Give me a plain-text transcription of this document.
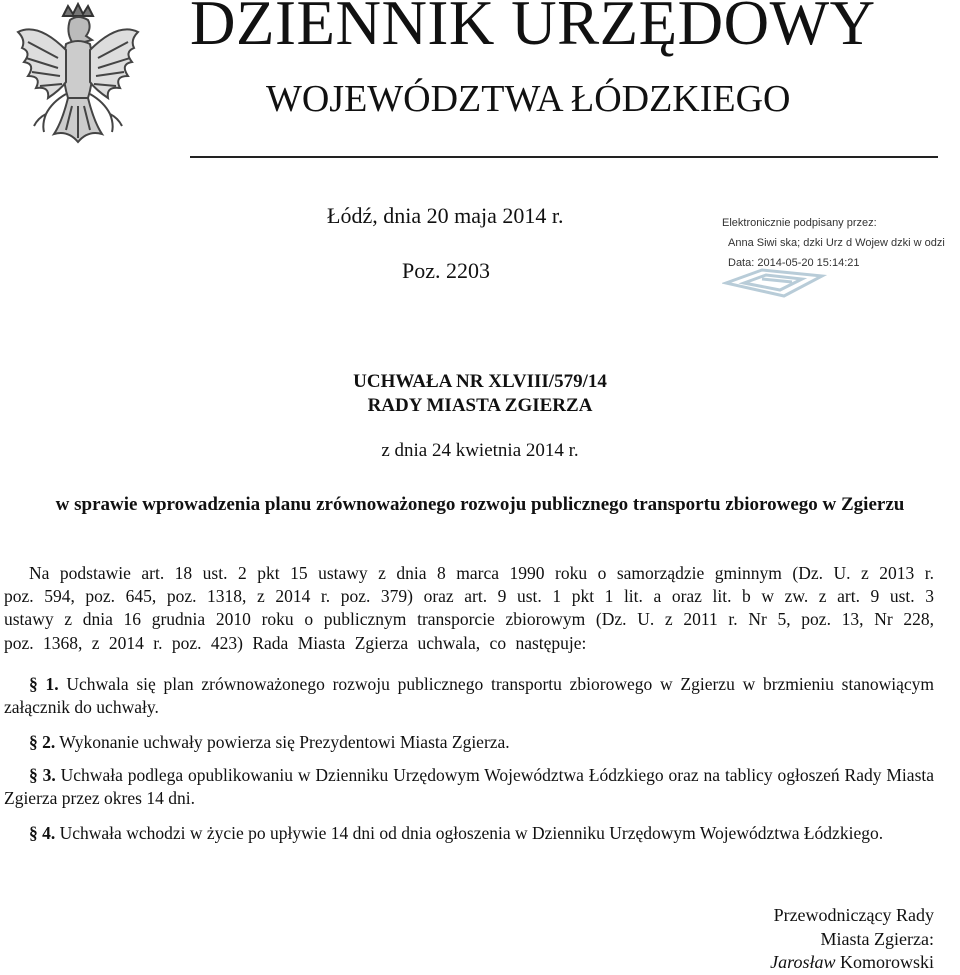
DZIENNIK URZĘDOWY
WOJEWÓDZTWA ŁÓDZKIEGO
Łódź, dnia 20 maja 2014 r.
Poz. 2203
Elektronicznie podpisany przez:
Anna Siwi ska; dzki Urz d Wojew dzki w odzi
Data: 2014-05-20 15:14:21
UCHWAŁA NR XLVIII/579/14
RADY MIASTA ZGIERZA
z dnia 24 kwietnia 2014 r.
w sprawie wprowadzenia planu zrównoważonego rozwoju publicznego transportu zbiorowego w Zgierzu
Na podstawie art. 18 ust. 2 pkt 15 ustawy z dnia 8 marca 1990 roku o samorządzie gminnym (Dz. U. z 2013 r. poz. 594, poz. 645, poz. 1318, z 2014 r. poz. 379) oraz art. 9 ust. 1 pkt 1 lit. a oraz lit. b w zw. z art. 9 ust. 3 ustawy z dnia 16 grudnia 2010 roku o publicznym transporcie zbiorowym (Dz. U. z 2011 r. Nr 5, poz. 13, Nr 228, poz. 1368, z 2014 r. poz. 423) Rada Miasta Zgierza uchwala, co następuje:
§ 1. Uchwala się plan zrównoważonego rozwoju publicznego transportu zbiorowego w Zgierzu w brzmieniu stanowiącym załącznik do uchwały.
§ 2. Wykonanie uchwały powierza się Prezydentowi Miasta Zgierza.
§ 3. Uchwała podlega opublikowaniu w Dzienniku Urzędowym Województwa Łódzkiego oraz na tablicy ogłoszeń Rady Miasta Zgierza przez okres 14 dni.
§ 4. Uchwała wchodzi w życie po upływie 14 dni od dnia ogłoszenia w Dzienniku Urzędowym Województwa Łódzkiego.
Przewodniczący Rady
Miasta Zgierza:
Jarosław Komorowski
